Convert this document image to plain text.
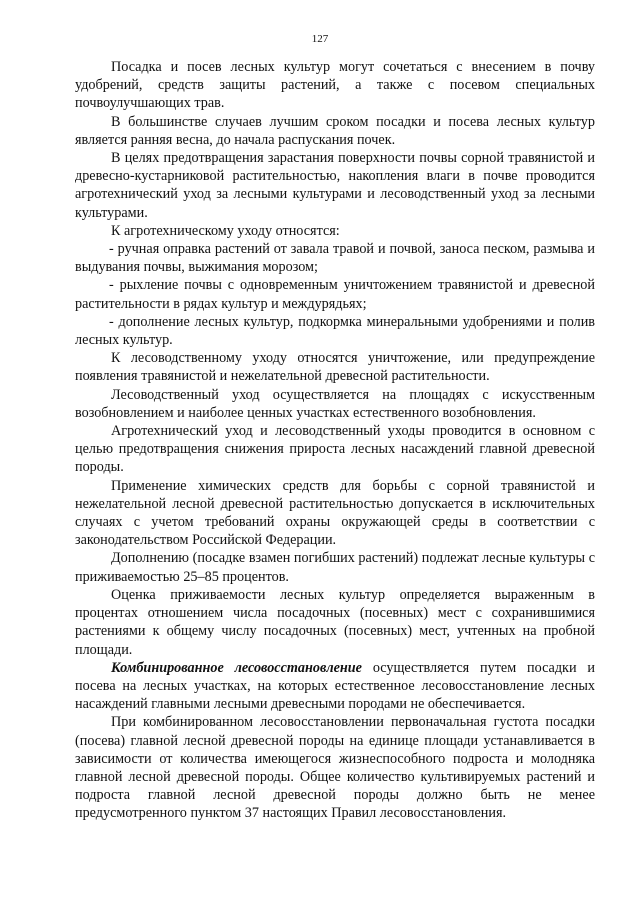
127

Посадка и посев лесных культур могут сочетаться с внесением в почву удобрений, средств защиты растений, а также с посевом специальных почвоулучшающих трав.

В большинстве случаев лучшим сроком посадки и посева лесных культур является ранняя весна, до начала распускания почек.

В целях предотвращения зарастания поверхности почвы сорной травянистой и древесно-кустарниковой растительностью, накопления влаги в почве проводится агротехнический уход за лесными культурами и лесоводственный уход за лесными культурами.

К агротехническому уходу относятся:

- ручная оправка растений от завала травой и почвой, заноса песком, размыва и выдувания почвы, выжимания морозом;

- рыхление почвы с одновременным уничтожением травянистой и древесной растительности в рядах культур и междурядьях;

- дополнение лесных культур, подкормка минеральными удобрениями и полив лесных культур.

К лесоводственному уходу относятся уничтожение, или предупреждение появления травянистой и нежелательной древесной растительности.

Лесоводственный уход осуществляется на площадях с искусственным возобновлением и наиболее ценных участках естественного возобновления.

Агротехнический уход и лесоводственный уходы проводится в основном с целью предотвращения снижения прироста лесных насаждений главной древесной породы.

Применение химических средств для борьбы с сорной травянистой и нежелательной лесной древесной растительностью допускается в исключительных случаях с учетом требований охраны окружающей среды в соответствии с законодательством Российской Федерации.

Дополнению (посадке взамен погибших растений) подлежат лесные культуры с приживаемостью 25–85 процентов.

Оценка приживаемости лесных культур определяется выраженным в процентах отношением числа посадочных (посевных) мест с сохранившимися растениями к общему числу посадочных (посевных) мест, учтенных на пробной площади.

Комбинированное лесовосстановление осуществляется путем посадки и посева на лесных участках, на которых естественное лесовосстановление лесных насаждений главными лесными древесными породами не обеспечивается.

При комбинированном лесовосстановлении первоначальная густота посадки (посева) главной лесной древесной породы на единице площади устанавливается в зависимости от количества имеющегося жизнеспособного подроста и молодняка главной лесной древесной породы. Общее количество культивируемых растений и подроста главной лесной древесной породы должно быть не менее предусмотренного пунктом 37 настоящих Правил лесовосстановления.
